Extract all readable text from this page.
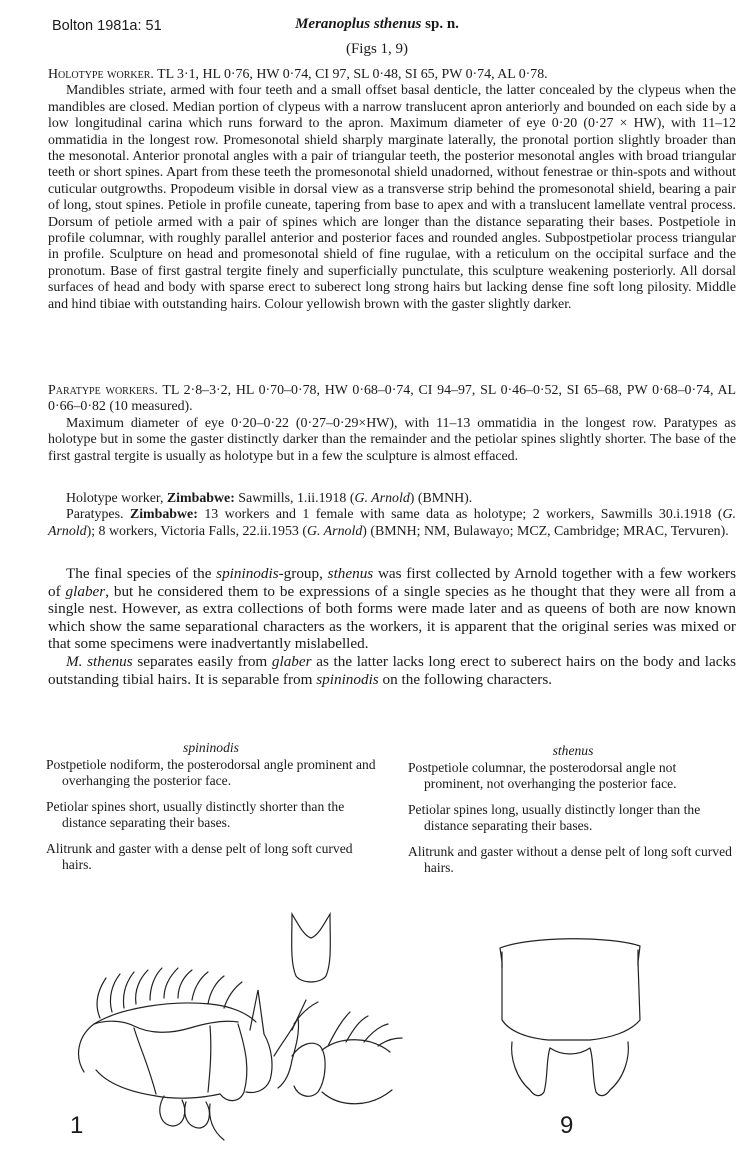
Bolton 1981a: 51	Meranoplus sthenus sp. n.
(Figs 1, 9)

Holotype worker. TL 3·1, HL 0·76, HW 0·74, CI 97, SL 0·48, SI 65, PW 0·74, AL 0·78.

Mandibles striate, armed with four teeth and a small offset basal denticle, the latter concealed by the clypeus when the mandibles are closed. Median portion of clypeus with a narrow translucent apron anteriorly and bounded on each side by a low longitudinal carina which runs forward to the apron. Maximum diameter of eye 0·20 (0·27 × HW), with 11–12 ommatidia in the longest row. Promesonotal shield sharply marginate laterally, the pronotal portion slightly broader than the mesonotal. Anterior pronotal angles with a pair of triangular teeth, the posterior mesonotal angles with broad triangular teeth or short spines. Apart from these teeth the promesonotal shield unadorned, without fenestrae or thin-spots and without cuticular outgrowths. Propodeum visible in dorsal view as a transverse strip behind the promesonotal shield, bearing a pair of long, stout spines. Petiole in profile cuneate, tapering from base to apex and with a translucent lamellate ventral process. Dorsum of petiole armed with a pair of spines which are longer than the distance separating their bases. Postpetiole in profile columnar, with roughly parallel anterior and posterior faces and rounded angles. Subpostpetiolar process triangular in profile. Sculpture on head and promesonotal shield of fine rugulae, with a reticulum on the occipital surface and the pronotum. Base of first gastral tergite finely and superficially punctulate, this sculpture weakening posteriorly. All dorsal surfaces of head and body with sparse erect to suberect long strong hairs but lacking dense fine soft long pilosity. Middle and hind tibiae with outstanding hairs. Colour yellowish brown with the gaster slightly darker.

Paratype workers. TL 2·8–3·2, HL 0·70–0·78, HW 0·68–0·74, CI 94–97, SL 0·46–0·52, SI 65–68, PW 0·68–0·74, AL 0·66–0·82 (10 measured).

Maximum diameter of eye 0·20–0·22 (0·27–0·29×HW), with 11–13 ommatidia in the longest row. Paratypes as holotype but in some the gaster distinctly darker than the remainder and the petiolar spines slightly shorter. The base of the first gastral tergite is usually as holotype but in a few the sculpture is almost effaced.

Holotype worker, Zimbabwe: Sawmills, 1.ii.1918 (G. Arnold) (BMNH).

Paratypes. Zimbabwe: 13 workers and 1 female with same data as holotype; 2 workers, Sawmills 30.i.1918 (G. Arnold); 8 workers, Victoria Falls, 22.ii.1953 (G. Arnold) (BMNH; NM, Bulawayo; MCZ, Cambridge; MRAC, Tervuren).

The final species of the spininodis-group, sthenus was first collected by Arnold together with a few workers of glaber, but he considered them to be expressions of a single species as he thought that they were all from a single nest. However, as extra collections of both forms were made later and as queens of both are now known which show the same separational characters as the workers, it is apparent that the original series was mixed or that some specimens were inadvertantly mislabelled.

M. sthenus separates easily from glaber as the latter lacks long erect to suberect hairs on the body and lacks outstanding tibial hairs. It is separable from spininodis on the following characters.

spininodis

Postpetiole nodiform, the posterodorsal angle prominent and overhanging the posterior face.

Petiolar spines short, usually distinctly shorter than the distance separating their bases.

Alitrunk and gaster with a dense pelt of long soft curved hairs.

sthenus

Postpetiole columnar, the posterodorsal angle not prominent, not overhanging the posterior face.

Petiolar spines long, usually distinctly longer than the distance separating their bases.

Alitrunk and gaster without a dense pelt of long soft curved hairs.

1	9
